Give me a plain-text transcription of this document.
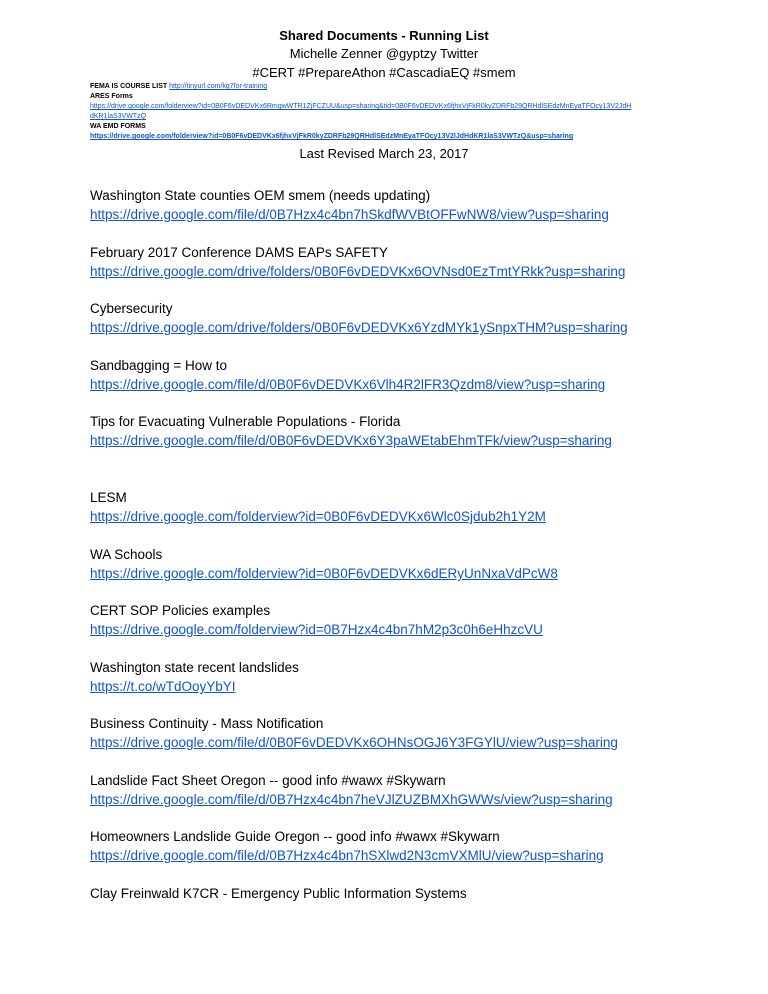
Shared Documents - Running List
Michelle Zenner @gyptzy Twitter
#CERT #PrepareAthon #CascadiaEQ #smem
FEMA IS COURSE LIST http://tinyurl.com/kg7for-training
ARES Forms
https://drive.google.com/folderview?id=0B0F6vDEDVKx6RmgwWTR1ZjFCZUU&usp=sharing&tid=0B0F6vDEDVKx6fjhxVjFkR0kyZDRFb29QRHdlSEdzMnEyaTFOcy13V2JdH
dKR1laS3VWTzQ
WA EMD FORMS
https://drive.google.com/folderview?id=0B0F6vDEDVKx6fjhxVjFkR0kyZDRFb29QRHdlSEdzMnEyaTFOcy13V2lJdHdKR1laS3VWTzQ&usp=sharing
Last Revised March 23, 2017
Washington State counties OEM smem (needs updating)
https://drive.google.com/file/d/0B7Hzx4c4bn7hSkdfWVBtOFFwNW8/view?usp=sharing
February 2017 Conference DAMS EAPs SAFETY
https://drive.google.com/drive/folders/0B0F6vDEDVKx6OVNsd0EzTmtYRkk?usp=sharing
Cybersecurity
https://drive.google.com/drive/folders/0B0F6vDEDVKx6YzdMYk1ySnpxTHM?usp=sharing
Sandbagging = How to
https://drive.google.com/file/d/0B0F6vDEDVKx6Vlh4R2lFR3Qzdm8/view?usp=sharing
Tips for Evacuating Vulnerable Populations - Florida
https://drive.google.com/file/d/0B0F6vDEDVKx6Y3paWEtabEhmTFk/view?usp=sharing
LESM
https://drive.google.com/folderview?id=0B0F6vDEDVKx6Wlc0Sjdub2h1Y2M
WA Schools
https://drive.google.com/folderview?id=0B0F6vDEDVKx6dERyUnNxaVdPcW8
CERT SOP Policies examples
https://drive.google.com/folderview?id=0B7Hzx4c4bn7hM2p3c0h6eHhzcVU
Washington state recent landslides
https://t.co/wTdOoyYbYI
Business Continuity - Mass Notification
https://drive.google.com/file/d/0B0F6vDEDVKx6OHNsOGJ6Y3FGYlU/view?usp=sharing
Landslide Fact Sheet Oregon -- good info #wawx #Skywarn
https://drive.google.com/file/d/0B7Hzx4c4bn7heVJlZUZBMXhGWWs/view?usp=sharing
Homeowners Landslide Guide Oregon -- good info #wawx #Skywarn
https://drive.google.com/file/d/0B7Hzx4c4bn7hSXlwd2N3cmVXMlU/view?usp=sharing
Clay Freinwald K7CR - Emergency Public Information Systems
